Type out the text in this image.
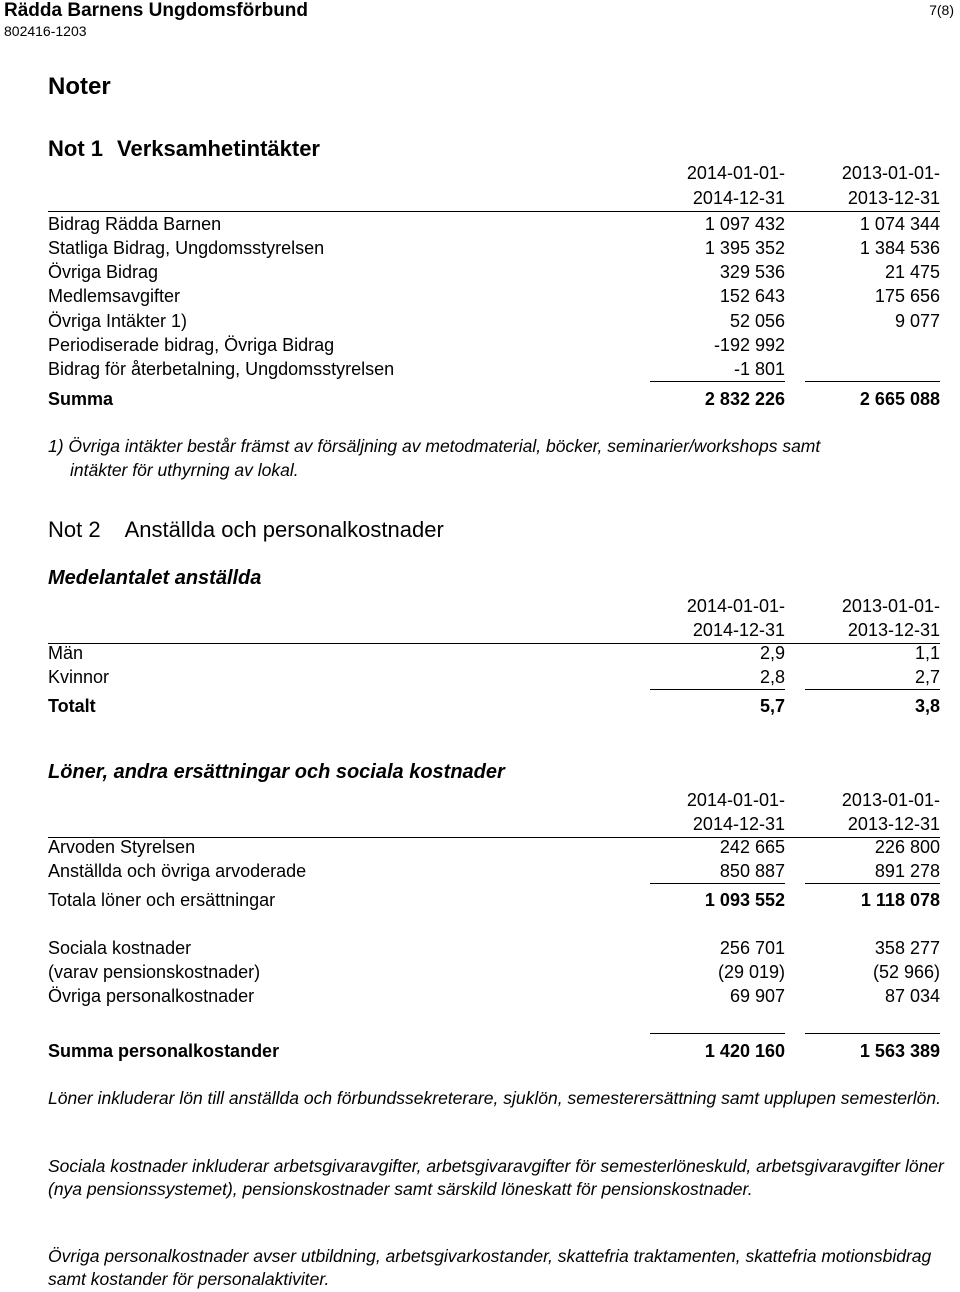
Rädda Barnens Ungdomsförbund
802416-1203
7(8)
Noter
Not 1 Verksamhetintäkter
2014-01-01-	2013-01-01-
2014-12-31	2013-12-31
Bidrag Rädda Barnen	1 097 432	1 074 344
Statliga Bidrag, Ungdomsstyrelsen	1 395 352	1 384 536
Övriga Bidrag	329 536	21 475
Medlemsavgifter	152 643	175 656
Övriga Intäkter 1)	52 056	9 077
Periodiserade bidrag, Övriga Bidrag	-192 992
Bidrag för återbetalning, Ungdomsstyrelsen	-1 801
Summa	2 832 226	2 665 088
1) Övriga intäkter består främst av försäljning av metodmaterial, böcker, seminarier/workshops samt
intäkter för uthyrning av lokal.
Not 2 Anställda och personalkostnader
Medelantalet anställda
2014-01-01-	2013-01-01-
2014-12-31	2013-12-31
Män	2,9	1,1
Kvinnor	2,8	2,7
Totalt	5,7	3,8
Löner, andra ersättningar och sociala kostnader
2014-01-01-	2013-01-01-
2014-12-31	2013-12-31
Arvoden Styrelsen	242 665	226 800
Anställda och övriga arvoderade	850 887	891 278
Totala löner och ersättningar	1 093 552	1 118 078
Sociala kostnader	256 701	358 277
(varav pensionskostnader)	(29 019)	(52 966)
Övriga personalkostnader	69 907	87 034
Summa personalkostander	1 420 160	1 563 389
Löner inkluderar lön till anställda och förbundssekreterare, sjuklön, semesterersättning samt upplupen semesterlön.
Sociala kostnader inkluderar arbetsgivaravgifter, arbetsgivaravgifter för semesterlöneskuld, arbetsgivaravgifter löner (nya pensionssystemet), pensionskostnader samt särskild löneskatt för pensionskostnader.
Övriga personalkostnader avser utbildning, arbetsgivarkostander, skattefria traktamenten, skattefria motionsbidrag samt kostander för personalaktiviter.
